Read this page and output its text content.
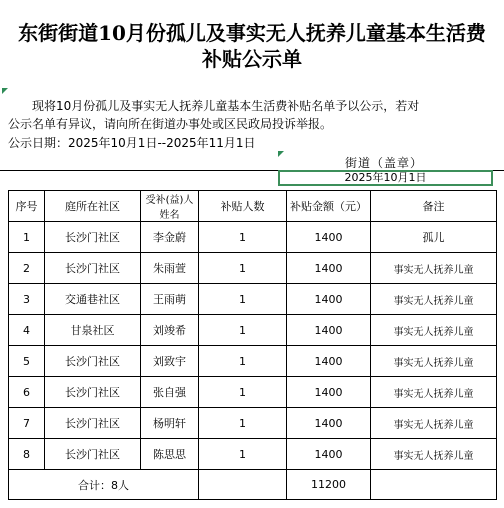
东街街道10月份孤儿及事实无人抚养儿童基本生活费
补贴公示单
现将10月份孤儿及事实无人抚养儿童基本生活费补贴名单予以公示，若对
公示名单有异议，请向所在街道办事处或区民政局投诉举报。
公示日期：2025年10月1日--2025年11月1日
街道（盖章）
2025年10月1日
序号	庭所在社区	受补(益)人姓名	补贴人数	补贴金额（元）	备注
1	长沙门社区	李金蔚	1	1400	孤儿
2	长沙门社区	朱雨萱	1	1400	事实无人抚养儿童
3	交通巷社区	王雨萌	1	1400	事实无人抚养儿童
4	甘泉社区	刘竣希	1	1400	事实无人抚养儿童
5	长沙门社区	刘致宇	1	1400	事实无人抚养儿童
6	长沙门社区	张自强	1	1400	事实无人抚养儿童
7	长沙门社区	杨明轩	1	1400	事实无人抚养儿童
8	长沙门社区	陈思思	1	1400	事实无人抚养儿童
合计：8人				11200	
